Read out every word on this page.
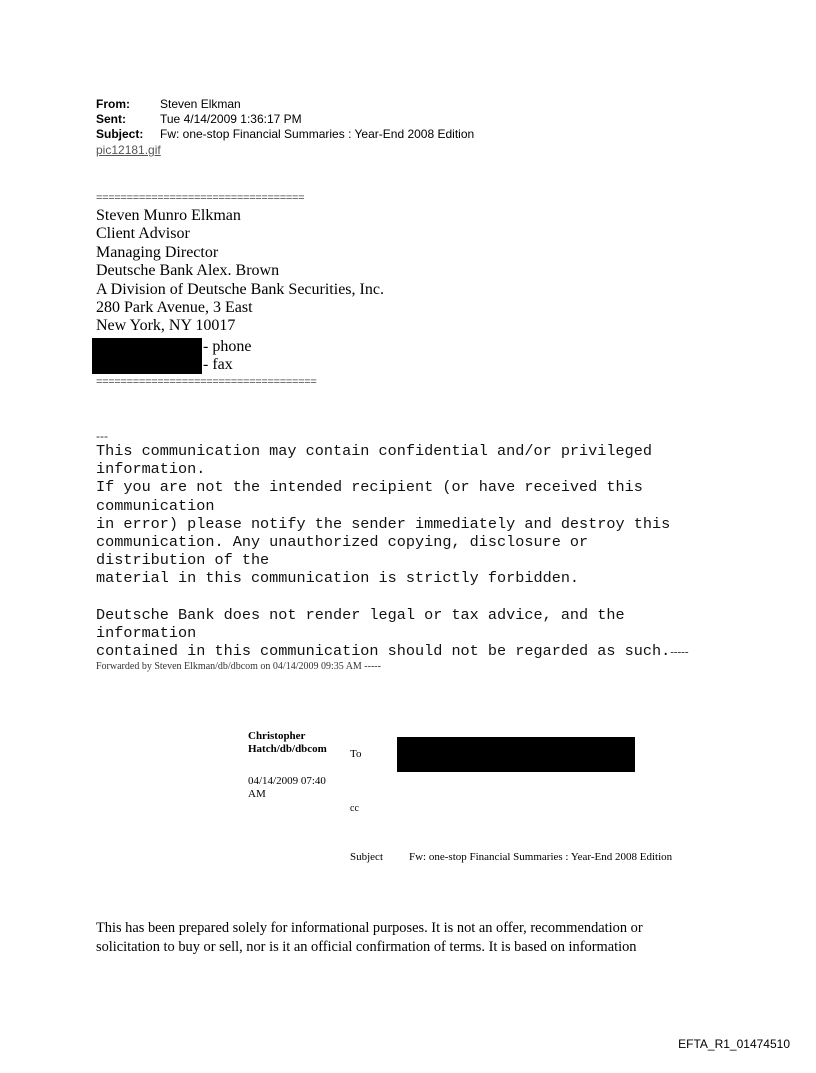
From:	Steven Elkman
Sent:	Tue 4/14/2009 1:36:17 PM
Subject: Fw: one-stop Financial Summaries : Year-End 2008 Edition
pic12181.gif
==================================
Steven Munro Elkman
Client Advisor
Managing Director
Deutsche Bank Alex. Brown
A Division of Deutsche Bank Securities, Inc.
280 Park Avenue, 3 East
New York, NY 10017
- phone
- fax
====================================
---
This communication may contain confidential and/or privileged
information.
If you are not the intended recipient (or have received this
communication
in error) please notify the sender immediately and destroy this
communication. Any unauthorized copying, disclosure or
distribution of the
material in this communication is strictly forbidden.
Deutsche Bank does not render legal or tax advice, and the
information
contained in this communication should not be regarded as such.-----
Forwarded by Steven Elkman/db/dbcom on 04/14/2009 09:35 AM -----
Christopher
Hatch/db/dbcom To
04/14/2009 07:40
AM
cc
Subject Fw: one-stop Financial Summaries : Year-End 2008 Edition
This has been prepared solely for informational purposes. It is not an offer, recommendation or
solicitation to buy or sell, nor is it an official confirmation of terms. It is based on information
EFTA_R1_01474510
